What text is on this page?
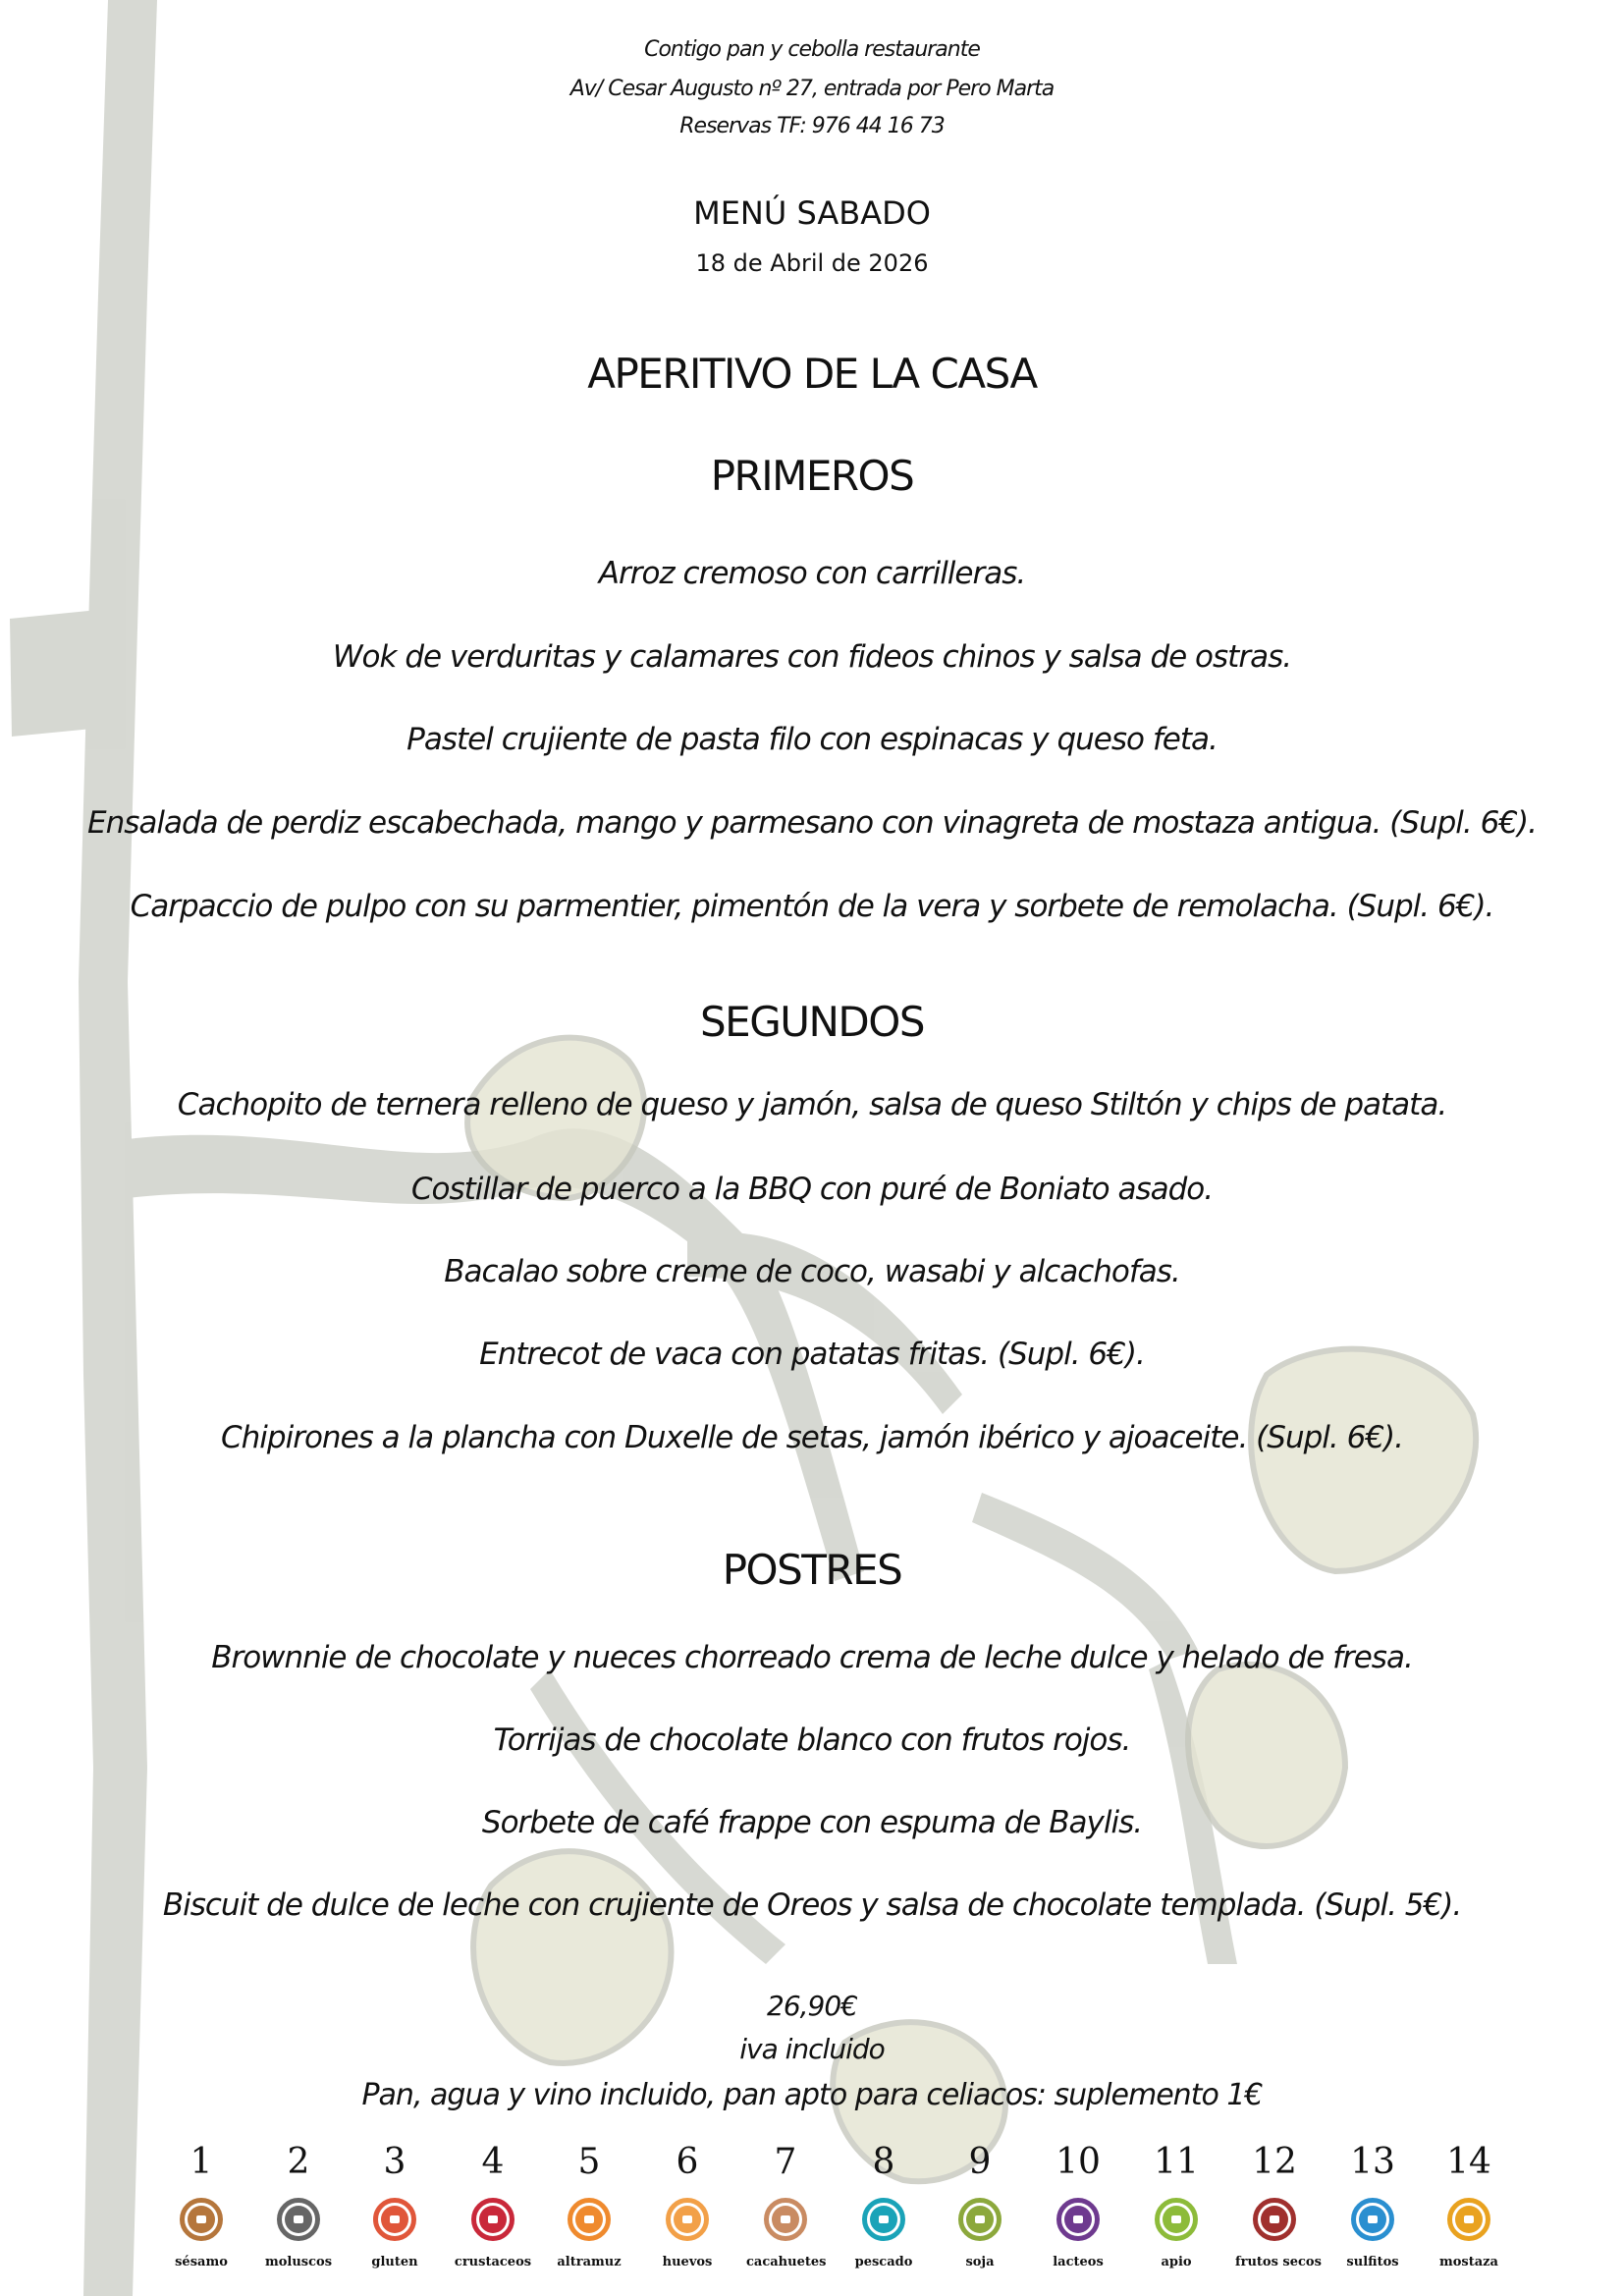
Contigo pan y cebolla restaurante
Av/ Cesar Augusto nº 27, entrada por Pero Marta
Reservas TF: 976 44 16 73
MENÚ SABADO
18 de Abril de 2026
APERITIVO DE LA CASA
PRIMEROS
Arroz cremoso con carrilleras.
Wok de verduritas y calamares con fideos chinos y salsa de ostras.
Pastel crujiente de pasta filo con espinacas y queso feta.
Ensalada de perdiz escabechada, mango y parmesano con vinagreta de mostaza antigua. (Supl. 6€).
Carpaccio de pulpo con su parmentier, pimentón de la vera y sorbete de remolacha. (Supl. 6€).
SEGUNDOS
Cachopito de ternera relleno de queso y jamón, salsa de queso Stiltón y chips de patata.
Costillar de puerco a la BBQ con puré de Boniato asado.
Bacalao sobre creme de coco, wasabi y alcachofas.
Entrecot de vaca con patatas fritas. (Supl. 6€).
Chipirones a la plancha con Duxelle de setas, jamón ibérico y ajoaceite. (Supl. 6€).
POSTRES
Brownnie de chocolate y nueces chorreado crema de leche dulce y helado de fresa.
Torrijas de chocolate blanco con frutos rojos.
Sorbete de café frappe con espuma de Baylis.
Biscuit de dulce de leche con crujiente de Oreos y salsa de chocolate templada. (Supl. 5€).
26,90€
iva incluido
Pan, agua y vino incluido, pan apto para celiacos: suplemento 1€
1
sésamo
2
moluscos
3
gluten
4
crustaceos
5
altramuz
6
huevos
7
cacahuetes
8
pescado
9
soja
10
lacteos
11
apio
12
frutos secos
13
sulfitos
14
mostaza
